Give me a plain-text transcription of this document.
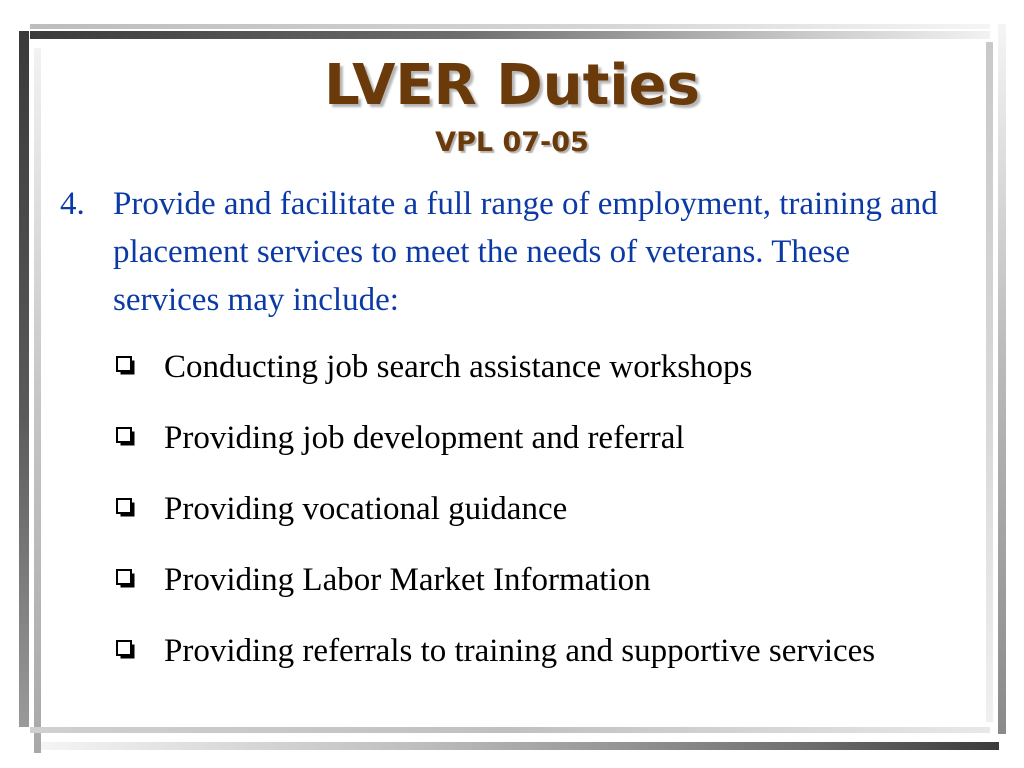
LVER Duties
VPL 07-05
4. Provide and facilitate a full range of employment, training and placement services to meet the needs of veterans. These services may include:
Conducting job search assistance workshops
Providing job development and referral
Providing vocational guidance
Providing Labor Market Information
Providing referrals to training and supportive services
